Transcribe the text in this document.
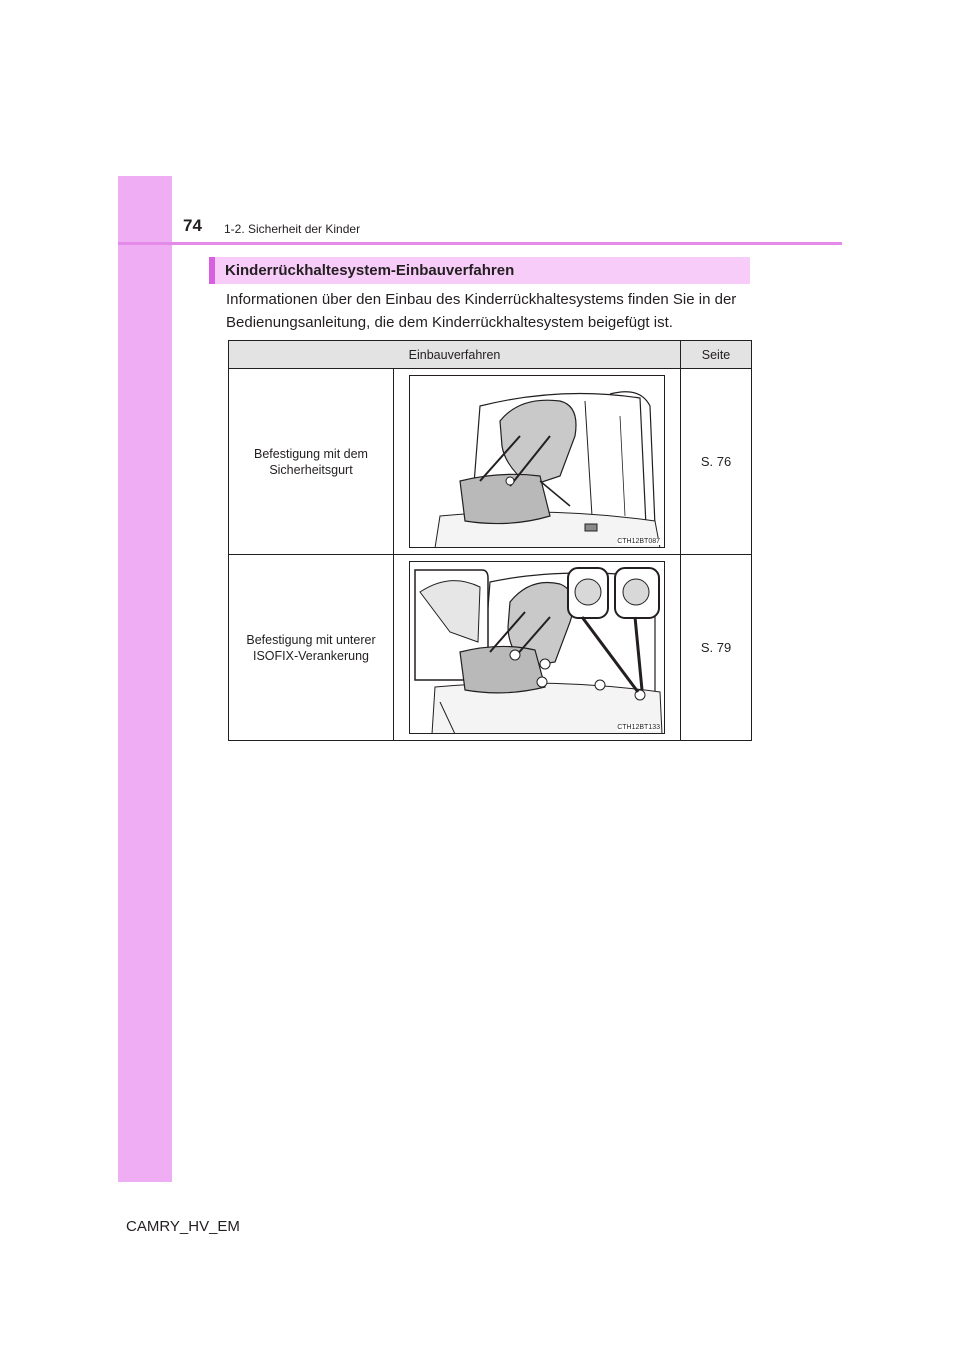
74 1-2. Sicherheit der Kinder
Kinderrückhaltesystem-Einbauverfahren

Informationen über den Einbau des Kinderrückhaltesystems finden Sie in der

Bedienungsanleitung, die dem Kinderrückhaltesystem beigefügt ist.

Einbauverfahren		Seite

Befestigung mit dem
Sicherheitsgurt	CTH12BT087	S. 76

Befestigung mit unterer
ISOFIX-Verankerung	CTH12BT133	S. 79
CAMRY_HV_EM
